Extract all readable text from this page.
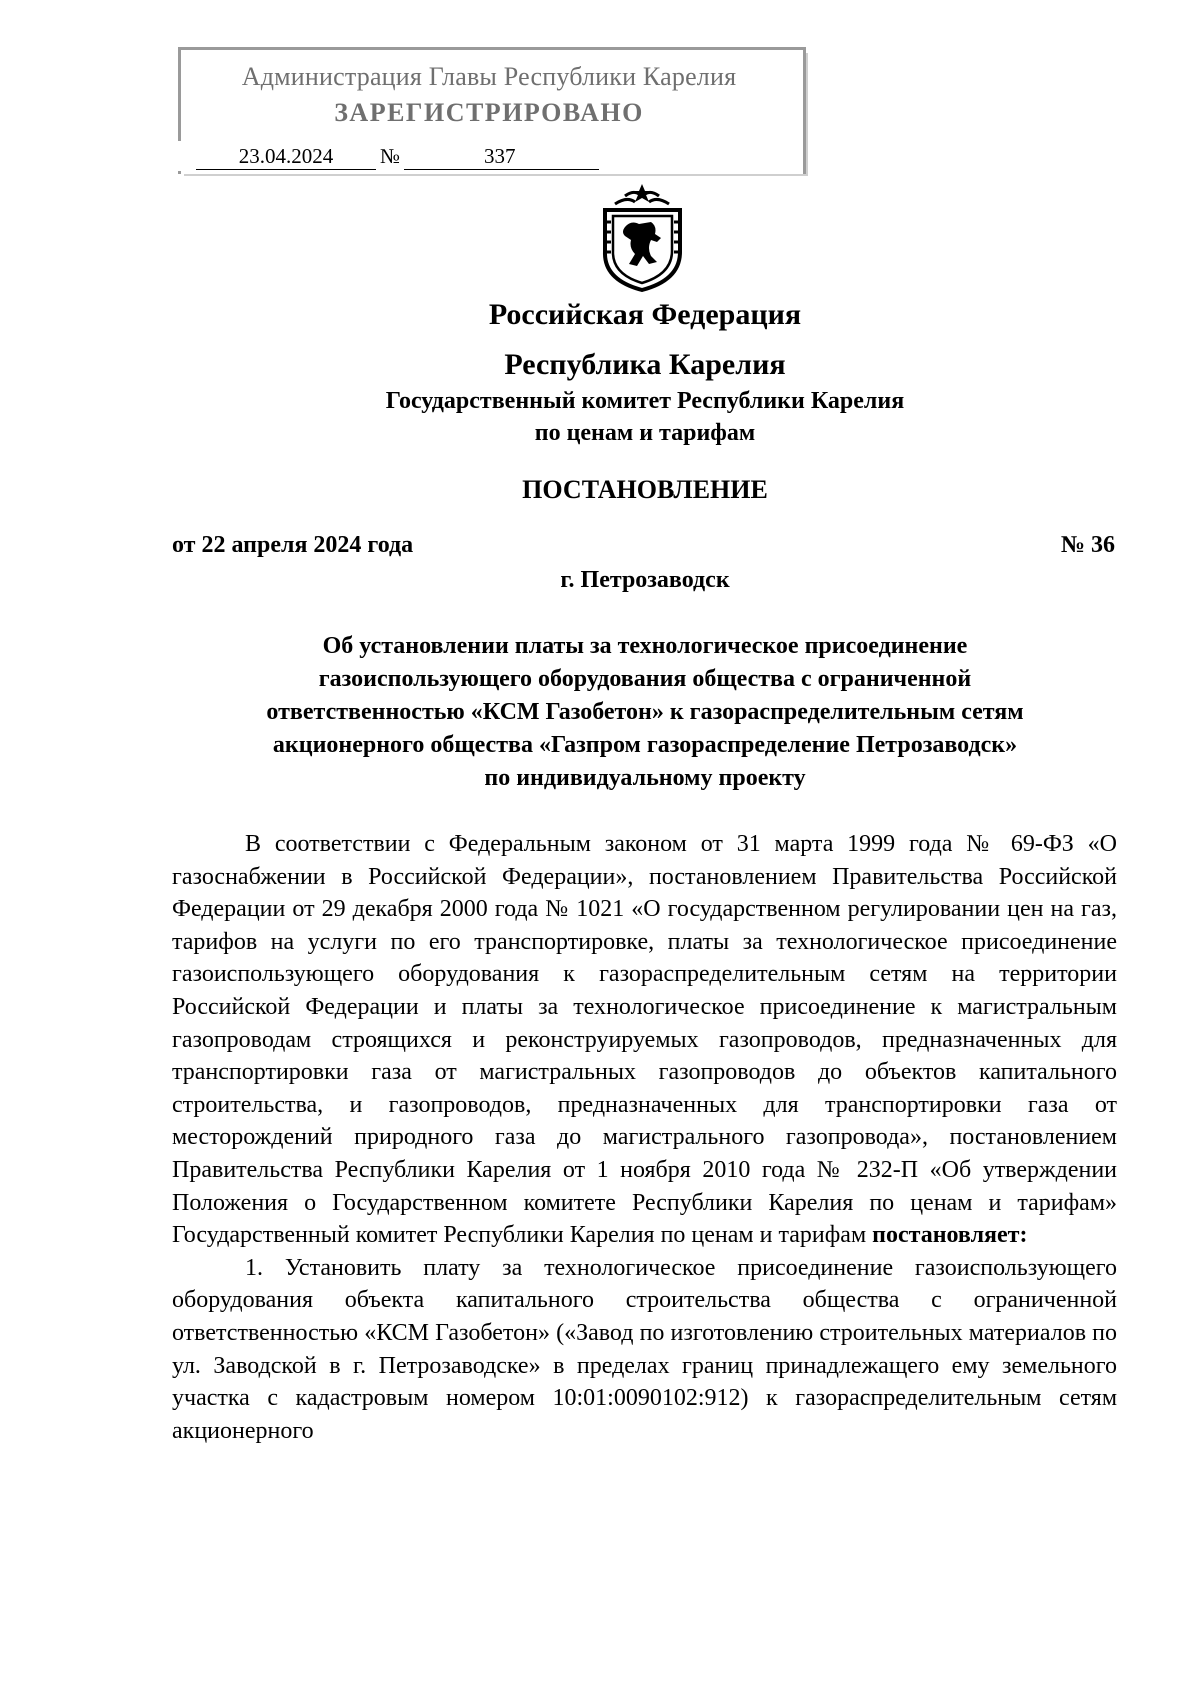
Администрация Главы Республики Карелия
ЗАРЕГИСТРИРОВАНО
23.04.2024	№	337
Российская Федерация
Республика Карелия
Государственный комитет Республики Карелия
по ценам и тарифам
ПОСТАНОВЛЕНИЕ
от 22 апреля 2024 года	№ 36
г. Петрозаводск
Об установлении платы за технологическое присоединение
газоиспользующего оборудования общества с ограниченной
ответственностью «КСМ Газобетон» к газораспределительным сетям
акционерного общества «Газпром газораспределение Петрозаводск»
по индивидуальному проекту

В соответствии с Федеральным законом от 31 марта 1999 года № 69-ФЗ «О газоснабжении в Российской Федерации», постановлением Правительства Российской Федерации от 29 декабря 2000 года № 1021 «О государственном регулировании цен на газ, тарифов на услуги по его транспортировке, платы за технологическое присоединение газоиспользующего оборудования к газораспределительным сетям на территории Российской Федерации и платы за технологическое присоединение к магистральным газопроводам строящихся и реконструируемых газопроводов, предназначенных для транспортировки газа от магистральных газопроводов до объектов капитального строительства, и газопроводов, предназначенных для транспортировки газа от месторождений природного газа до магистрального газопровода», постановлением Правительства Республики Карелия от 1 ноября 2010 года № 232-П «Об утверждении Положения о Государственном комитете Республики Карелия по ценам и тарифам» Государственный комитет Республики Карелия по ценам и тарифам постановляет:

1. Установить плату за технологическое присоединение газоиспользующего оборудования объекта капитального строительства общества с ограниченной ответственностью «КСМ Газобетон» («Завод по изготовлению строительных материалов по ул. Заводской в г. Петрозаводске» в пределах границ принадлежащего ему земельного участка с кадастровым номером 10:01:0090102:912) к газораспределительным сетям акционерного
